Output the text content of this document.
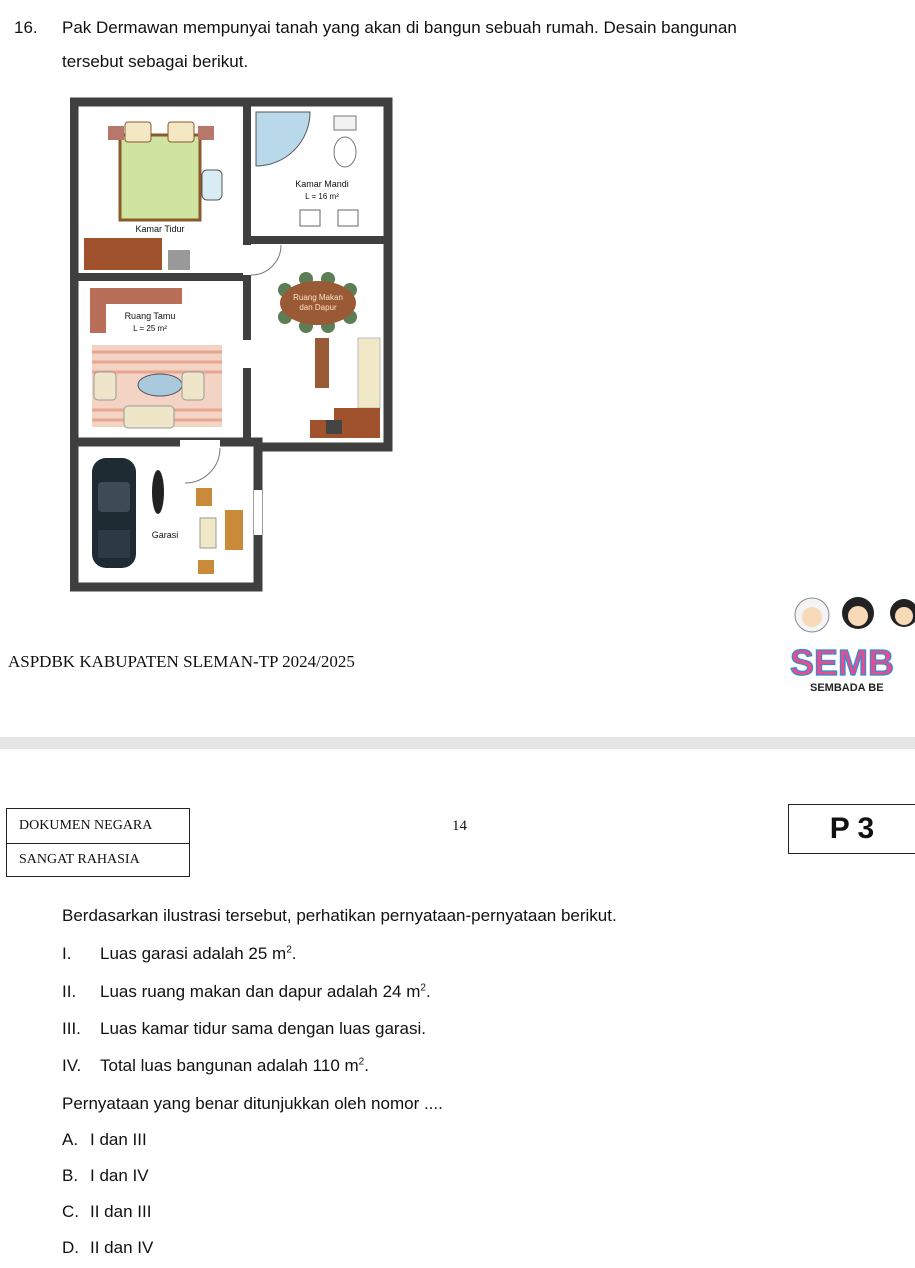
16. Pak Dermawan mempunyai tanah yang akan di bangun sebuah rumah. Desain bangunan
tersebut sebagai berikut.
Kamar Tidur
Kamar Mandi
L = 16 m²
Ruang Tamu
L = 25 m²
Ruang Makan
dan Dapur
Garasi
ASPDBK KABUPATEN SLEMAN-TP 2024/2025	SEMB
SEMBADA BE
DOKUMEN NEGARA
SANGAT RAHASIA
14	P 3
Berdasarkan ilustrasi tersebut, perhatikan pernyataan-pernyataan berikut.
I. Luas garasi adalah 25 $m^2$.
II. Luas ruang makan dan dapur adalah 24 $m^2$.
III. Luas kamar tidur sama dengan luas garasi.
IV. Total luas bangunan adalah 110 $m^2$.
Pernyataan yang benar ditunjukkan oleh nomor ....
A. I dan III
B. I dan IV
C. II dan III
D. II dan IV
